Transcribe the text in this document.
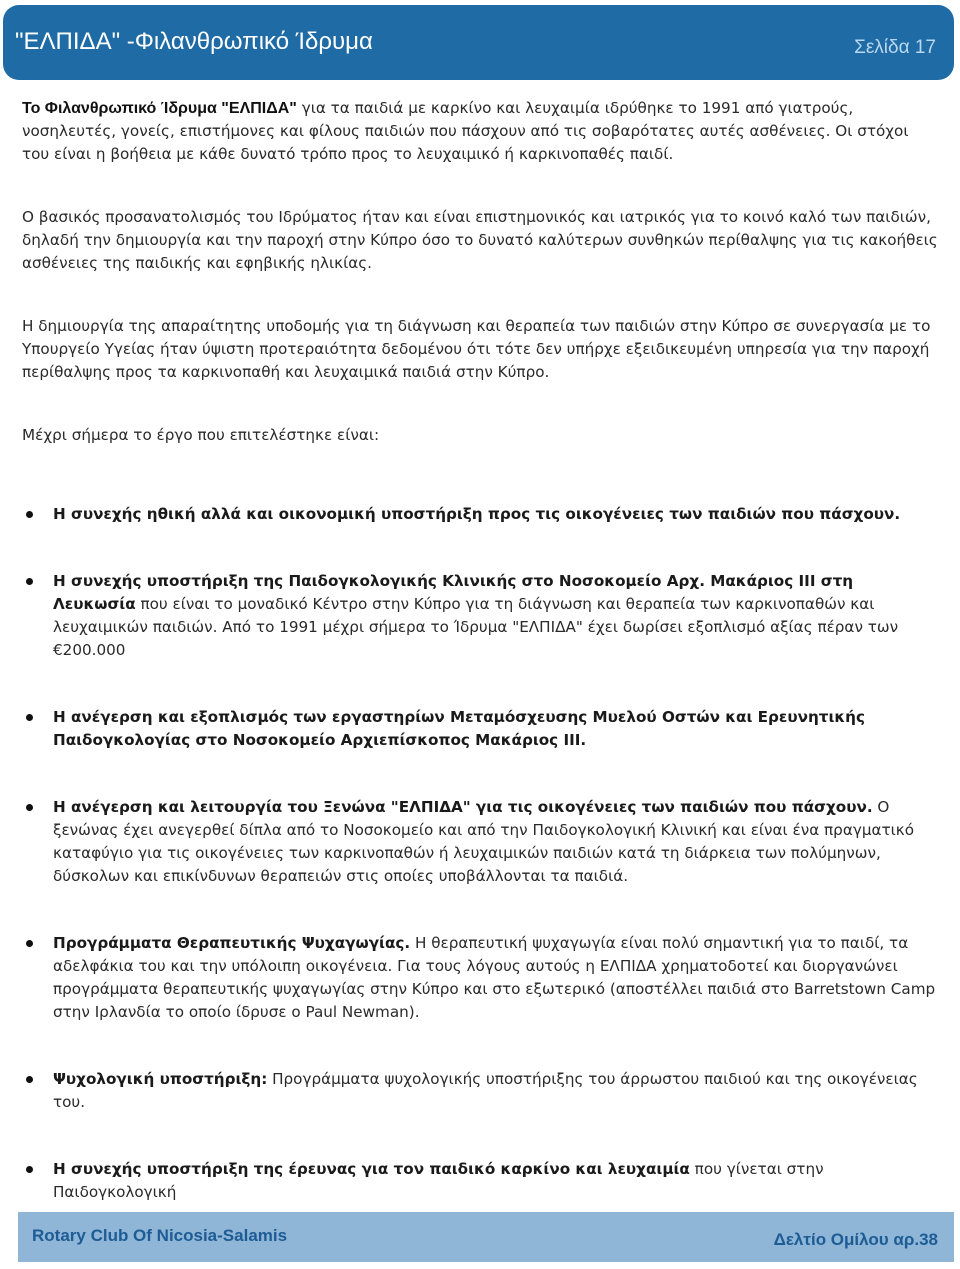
"ΕΛΠΙΔΑ" -Φιλανθρωπικό Ίδρυμα	Σελίδα 17

Το Φιλανθρωπικό Ίδρυμα "ΕΛΠΙΔΑ" για τα παιδιά με καρκίνο και λευχαιμία ιδρύθηκε το 1991 από γιατρούς, νοσηλευτές, γονείς, επιστήμονες και φίλους παιδιών που πάσχουν από τις σοβαρότατες αυτές ασθένειες. Οι στόχοι του είναι η βοήθεια με κάθε δυνατό τρόπο προς το λευχαιμικό ή καρκινοπαθές παιδί.

Ο βασικός προσανατολισμός του Ιδρύματος ήταν και είναι επιστημονικός και ιατρικός για το κοινό καλό των παιδιών, δηλαδή την δημιουργία και την παροχή στην Κύπρο όσο το δυνατό καλύτερων συνθηκών περίθαλψης για τις κακοήθεις ασθένειες της παιδικής και εφηβικής ηλικίας.

Η δημιουργία της απαραίτητης υποδομής για τη διάγνωση και θεραπεία των παιδιών στην Κύπρο σε συνεργασία με το Υπουργείο Υγείας ήταν ύψιστη προτεραιότητα δεδομένου ότι τότε δεν υπήρχε εξειδικευμένη υπηρεσία για την παροχή περίθαλψης προς τα καρκινοπαθή και λευχαιμικά παιδιά στην Κύπρο.

Μέχρι σήμερα το έργο που επιτελέστηκε είναι:

Η συνεχής ηθική αλλά και οικονομική υποστήριξη προς τις οικογένειες των παιδιών που πάσχουν.
Η συνεχής υποστήριξη της Παιδογκολογικής Κλινικής στο Νοσοκομείο Αρχ. Μακάριος ΙΙΙ στη Λευκωσία που είναι το μοναδικό Κέντρο στην Κύπρο για τη διάγνωση και θεραπεία των καρκινοπαθών και λευχαιμικών παιδιών. Από το 1991 μέχρι σήμερα το Ίδρυμα "ΕΛΠΙΔΑ" έχει δωρίσει εξοπλισμό αξίας πέραν των €200.000
Η ανέγερση και εξοπλισμός των εργαστηρίων Μεταμόσχευσης Μυελού Οστών και Ερευνητικής Παιδογκολογίας στο Νοσοκομείο Αρχιεπίσκοπος Μακάριος ΙΙΙ.
Η ανέγερση και λειτουργία του Ξενώνα "ΕΛΠΙΔΑ" για τις οικογένειες των παιδιών που πάσχουν. Ο ξενώνας έχει ανεγερθεί δίπλα από το Νοσοκομείο και από την Παιδογκολογική Κλινική και είναι ένα πραγματικό καταφύγιο για τις οικογένειες των καρκινοπαθών ή λευχαιμικών παιδιών κατά τη διάρκεια των πολύμηνων, δύσκολων και επικίνδυνων θεραπειών στις οποίες υποβάλλονται τα παιδιά.
Προγράμματα Θεραπευτικής Ψυχαγωγίας. Η θεραπευτική ψυχαγωγία είναι πολύ σημαντική για το παιδί, τα αδελφάκια του και την υπόλοιπη οικογένεια. Για τους λόγους αυτούς η ΕΛΠΙΔΑ χρηματοδοτεί και διοργανώνει προγράμματα θεραπευτικής ψυχαγωγίας στην Κύπρο και στο εξωτερικό (αποστέλλει παιδιά στο Barretstown Camp στην Ιρλανδία το οποίο ίδρυσε ο Paul Newman).
Ψυχολογική υποστήριξη: Προγράμματα ψυχολογικής υποστήριξης του άρρωστου παιδιού και της οικογένειας του.
Η συνεχής υποστήριξη της έρευνας για τον παιδικό καρκίνο και λευχαιμία που γίνεται στην Παιδογκολογική
Rotary Club Of Nicosia-Salamis	Δελτίο Ομίλου αρ.38
